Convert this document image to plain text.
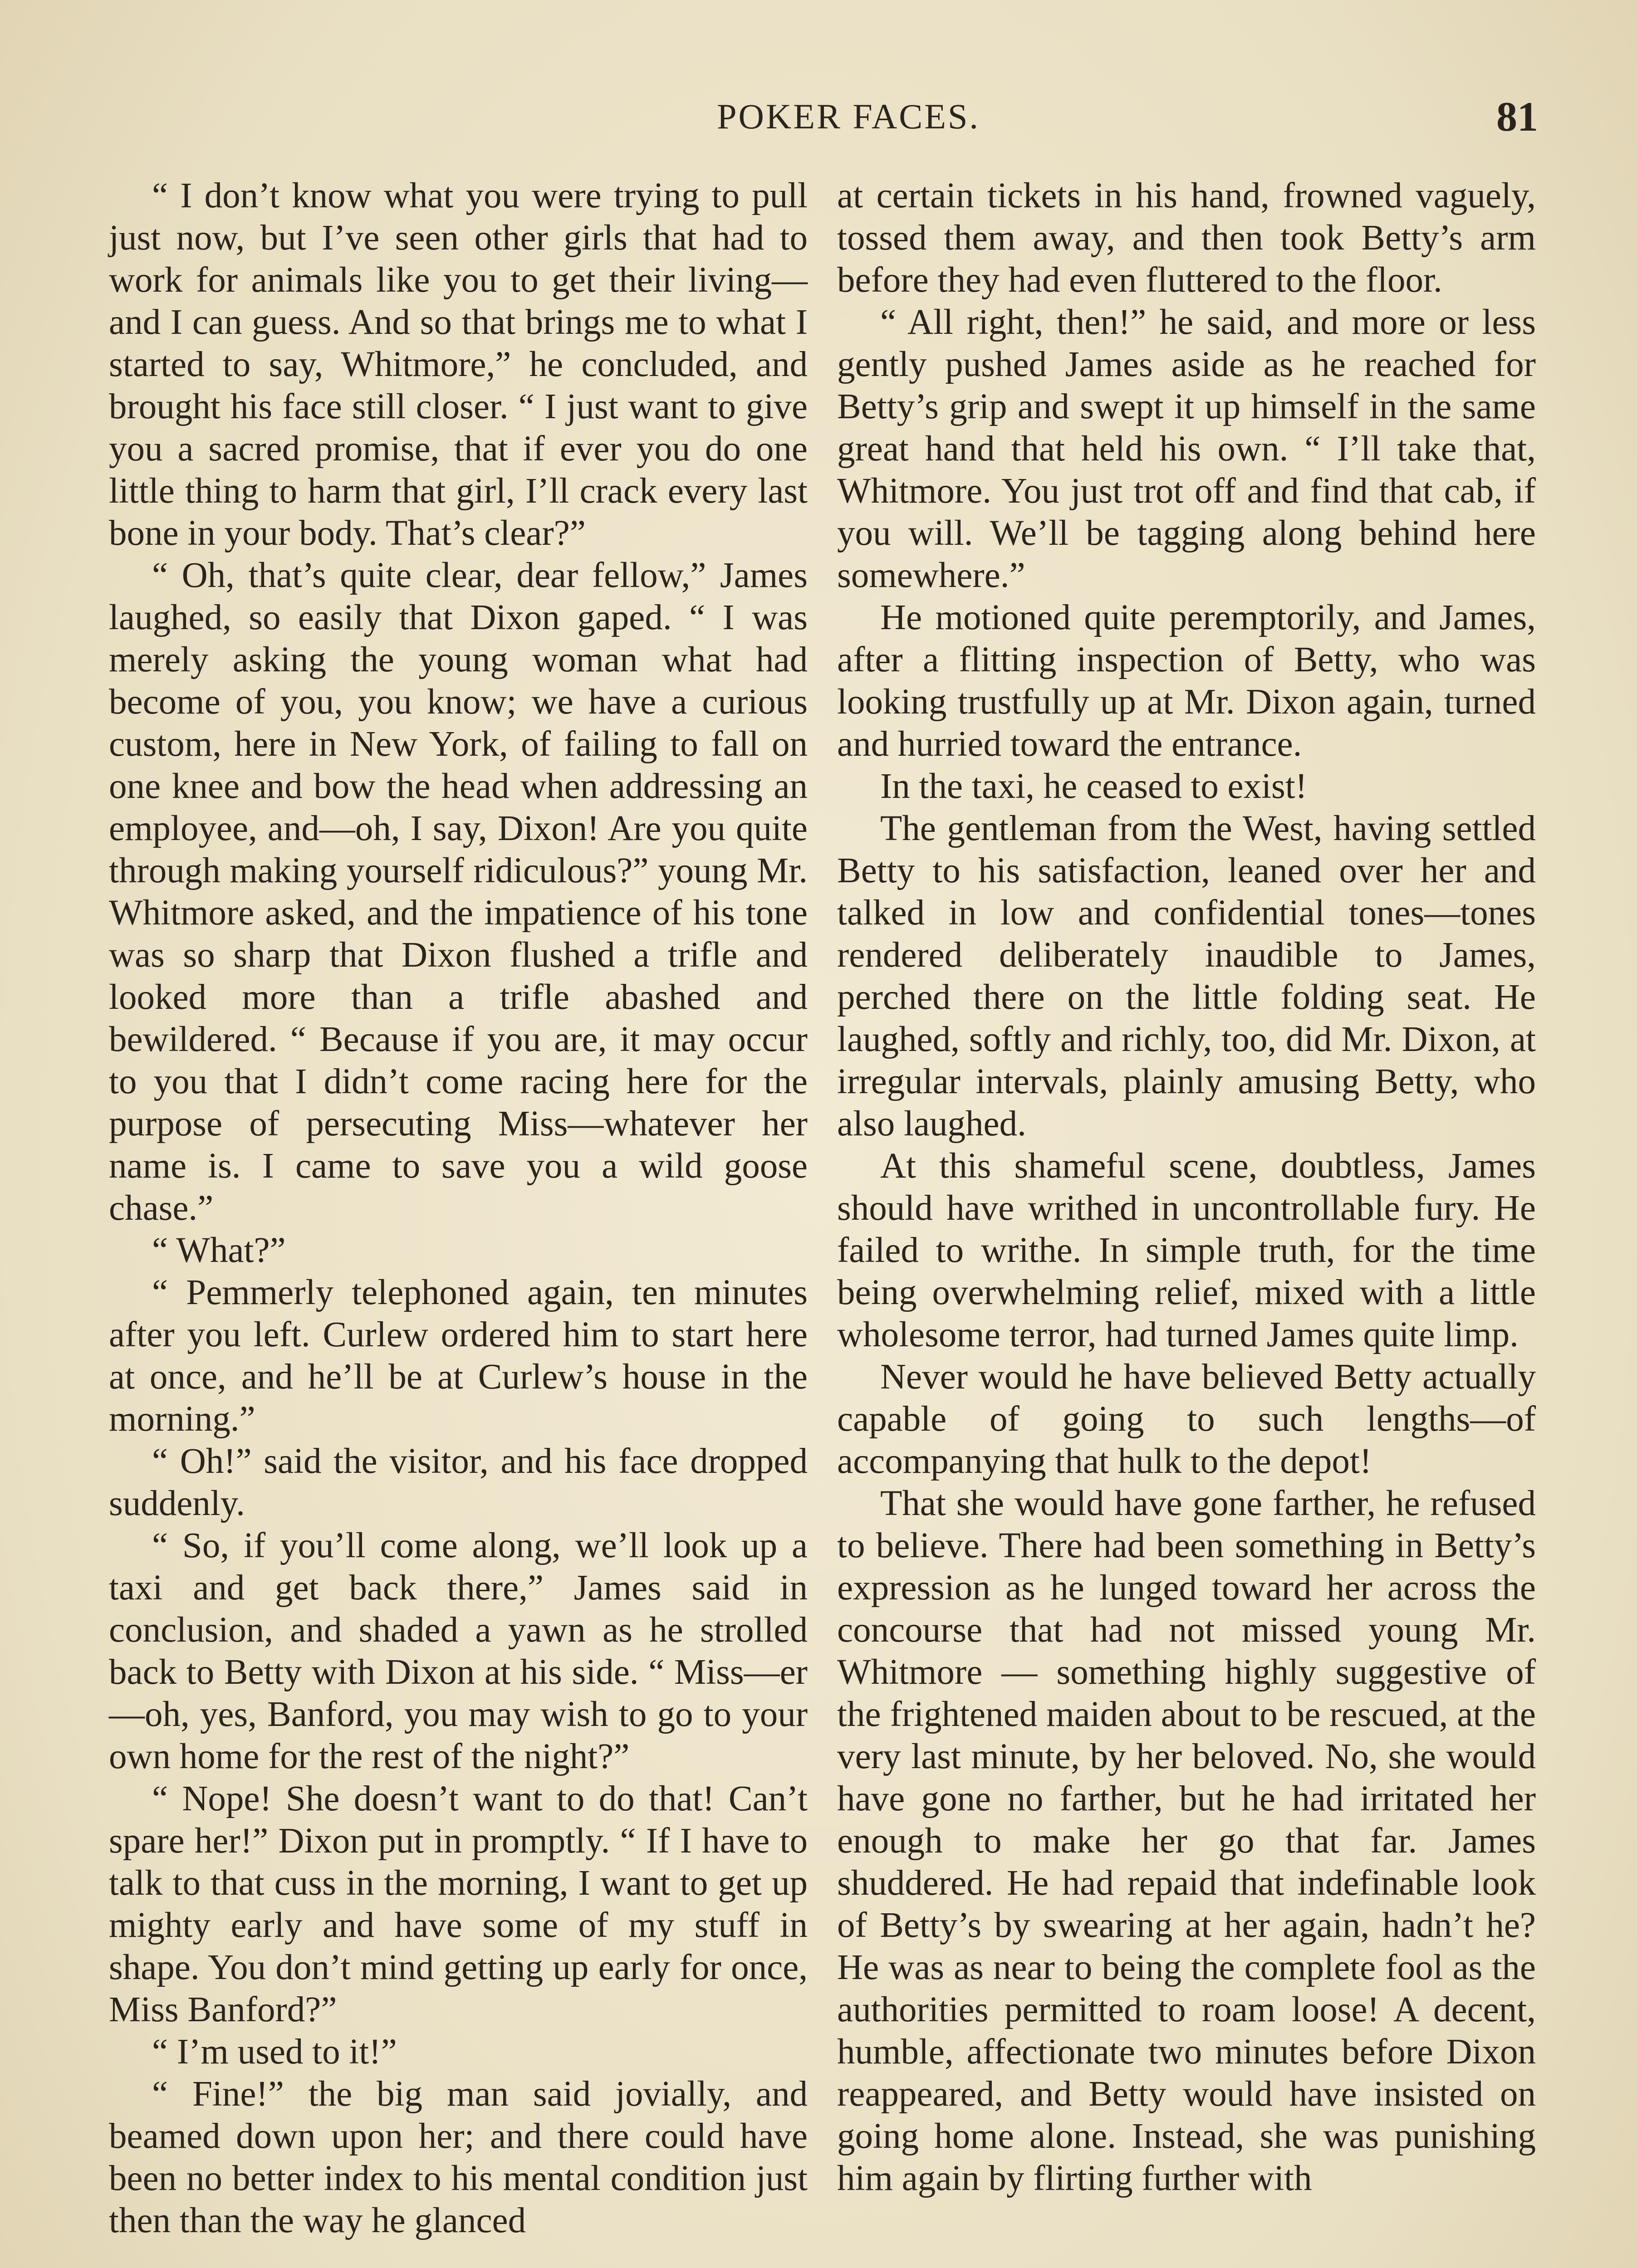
POKER FACES.	81

“ I don’t know what you were trying to pull just now, but I’ve seen other girls that had to work for animals like you to get their living—and I can guess. And so that brings me to what I started to say, Whitmore,” he concluded, and brought his face still closer. “ I just want to give you a sacred promise, that if ever you do one little thing to harm that girl, I’ll crack every last bone in your body. That’s clear?”

“ Oh, that’s quite clear, dear fellow,” James laughed, so easily that Dixon gaped. “ I was merely asking the young woman what had become of you, you know; we have a curious custom, here in New York, of failing to fall on one knee and bow the head when addressing an employee, and—oh, I say, Dixon! Are you quite through making yourself ridiculous?” young Mr. Whitmore asked, and the impatience of his tone was so sharp that Dixon flushed a trifle and looked more than a trifle abashed and bewildered. “ Because if you are, it may occur to you that I didn’t come racing here for the purpose of persecuting Miss—whatever her name is. I came to save you a wild goose chase.”

“ What?”

“ Pemmerly telephoned again, ten minutes after you left. Curlew ordered him to start here at once, and he’ll be at Curlew’s house in the morning.”

“ Oh!” said the visitor, and his face dropped suddenly.

“ So, if you’ll come along, we’ll look up a taxi and get back there,” James said in conclusion, and shaded a yawn as he strolled back to Betty with Dixon at his side. “ Miss—er—oh, yes, Banford, you may wish to go to your own home for the rest of the night?”

“ Nope! She doesn’t want to do that! Can’t spare her!” Dixon put in promptly. “ If I have to talk to that cuss in the morning, I want to get up mighty early and have some of my stuff in shape. You don’t mind getting up early for once, Miss Banford?”

“ I’m used to it!”

“ Fine!” the big man said jovially, and beamed down upon her; and there could have been no better index to his mental condition just then than the way he glanced

at certain tickets in his hand, frowned vaguely, tossed them away, and then took Betty’s arm before they had even fluttered to the floor.

“ All right, then!” he said, and more or less gently pushed James aside as he reached for Betty’s grip and swept it up himself in the same great hand that held his own. “ I’ll take that, Whitmore. You just trot off and find that cab, if you will. We’ll be tagging along behind here somewhere.”

He motioned quite peremptorily, and James, after a flitting inspection of Betty, who was looking trustfully up at Mr. Dixon again, turned and hurried toward the entrance.

In the taxi, he ceased to exist!

The gentleman from the West, having settled Betty to his satisfaction, leaned over her and talked in low and confidential tones—tones rendered deliberately inaudible to James, perched there on the little folding seat. He laughed, softly and richly, too, did Mr. Dixon, at irregular intervals, plainly amusing Betty, who also laughed.

At this shameful scene, doubtless, James should have writhed in uncontrollable fury. He failed to writhe. In simple truth, for the time being overwhelming relief, mixed with a little wholesome terror, had turned James quite limp.

Never would he have believed Betty actually capable of going to such lengths—of accompanying that hulk to the depot!

That she would have gone farther, he refused to believe. There had been something in Betty’s expression as he lunged toward her across the concourse that had not missed young Mr. Whitmore — something highly suggestive of the frightened maiden about to be rescued, at the very last minute, by her beloved. No, she would have gone no farther, but he had irritated her enough to make her go that far. James shuddered. He had repaid that indefinable look of Betty’s by swearing at her again, hadn’t he? He was as near to being the complete fool as the authorities permitted to roam loose! A decent, humble, affectionate two minutes before Dixon reappeared, and Betty would have insisted on going home alone. Instead, she was punishing him again by flirting further with
